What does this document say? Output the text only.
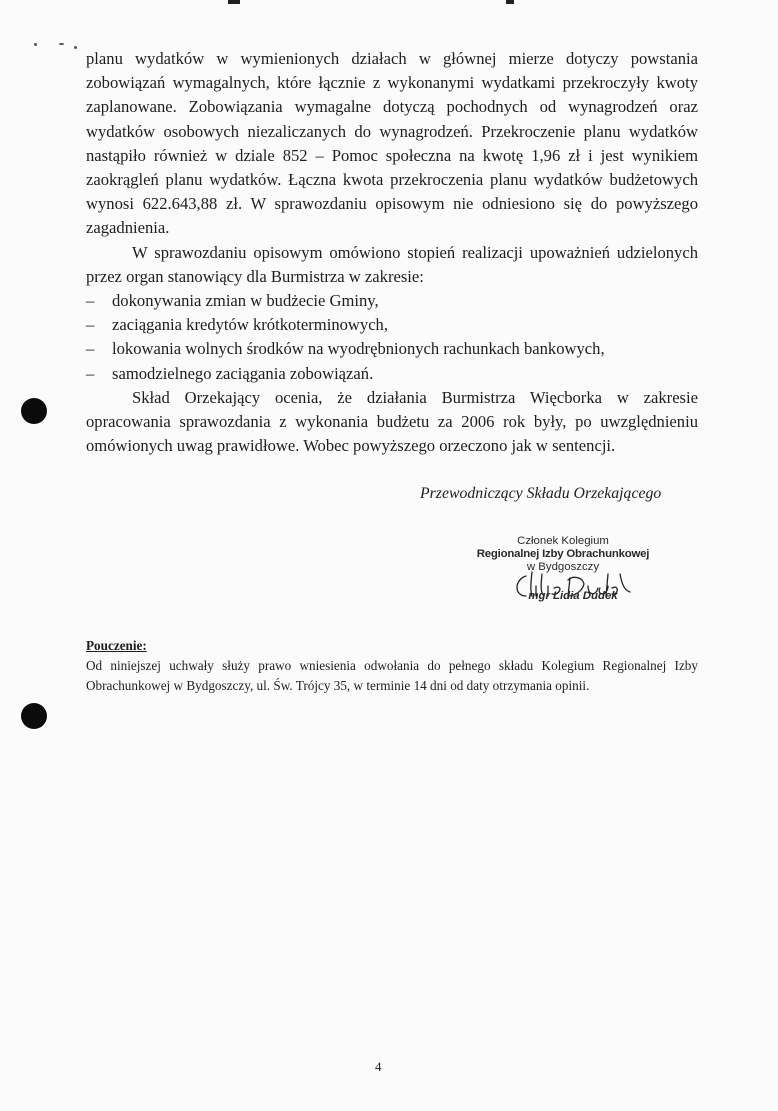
planu wydatków w wymienionych działach w głównej mierze dotyczy powstania zobowiązań wymagalnych, które łącznie z wykonanymi wydatkami przekroczyły kwoty zaplanowane. Zobowiązania wymagalne dotyczą pochodnych od wynagrodzeń oraz wydatków osobowych niezaliczanych do wynagrodzeń. Przekroczenie planu wydatków nastąpiło również w dziale 852 – Pomoc społeczna na kwotę 1,96 zł i jest wynikiem zaokrągleń planu wydatków. Łączna kwota przekroczenia planu wydatków budżetowych wynosi 622.643,88 zł. W sprawozdaniu opisowym nie odniesiono się do powyższego zagadnienia.

W sprawozdaniu opisowym omówiono stopień realizacji upoważnień udzielonych przez organ stanowiący dla Burmistrza w zakresie:

– dokonywania zmian w budżecie Gminy,
– zaciągania kredytów krótkoterminowych,
– lokowania wolnych środków na wyodrębnionych rachunkach bankowych,
– samodzielnego zaciągania zobowiązań.

Skład Orzekający ocenia, że działania Burmistrza Więcborka w zakresie opracowania sprawozdania z wykonania budżetu za 2006 rok były, po uwzględnieniu omówionych uwag prawidłowe. Wobec powyższego orzeczono jak w sentencji.

Przewodniczący Składu Orzekającego
Członek Kolegium
Regionalnej Izby Obrachunkowej
w Bydgoszczy
mgr Lidia Dudek
Pouczenie:
Od niniejszej uchwały służy prawo wniesienia odwołania do pełnego składu Kolegium Regionalnej Izby Obrachunkowej w Bydgoszczy, ul. Św. Trójcy 35, w terminie 14 dni od daty otrzymania opinii.
4
